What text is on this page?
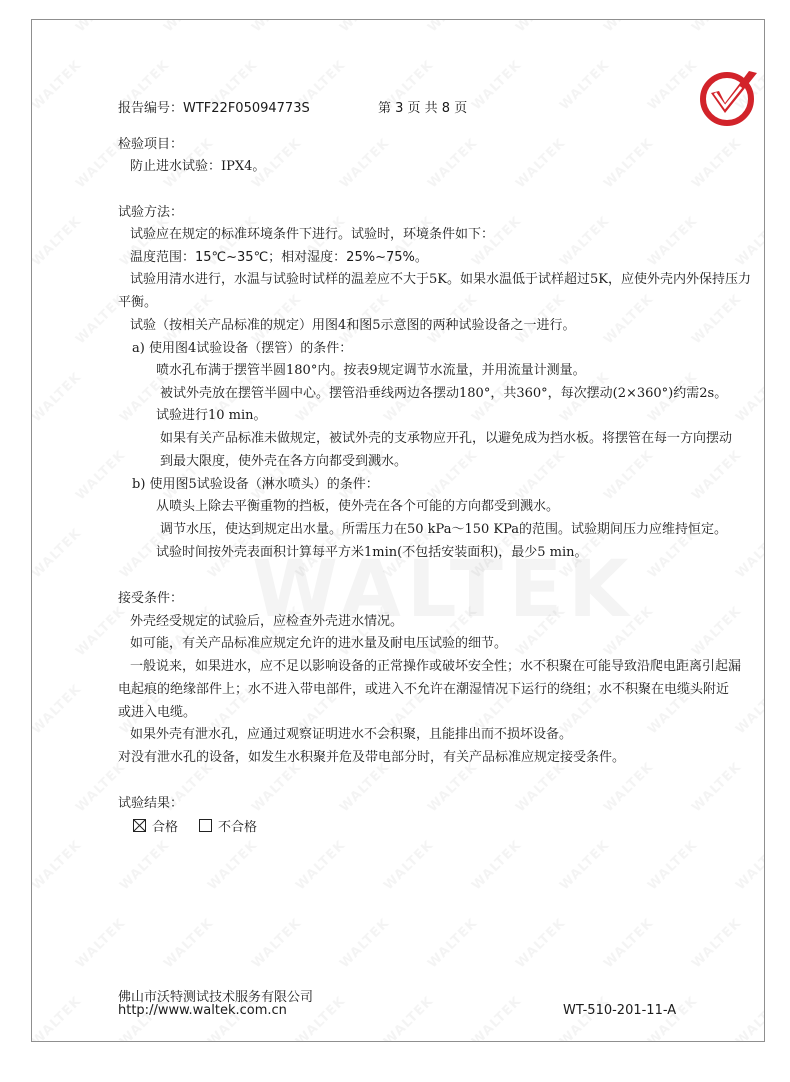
报告编号：WTF22F05094773S	第 3 页 共 8 页
检验项目：
防止进水试验：IPX4。
试验方法：
试验应在规定的标准环境条件下进行。试验时，环境条件如下：
温度范围：15℃~35℃；相对湿度：25%~75%。
试验用清水进行，水温与试验时试样的温差应不大于5K。如果水温低于试样超过5K，应使外壳内外保持压力
平衡。
试验（按相关产品标准的规定）用图4和图5示意图的两种试验设备之一进行。
a) 使用图4试验设备（摆管）的条件：
喷水孔布满于摆管半圆180°内。按表9规定调节水流量，并用流量计测量。
被试外壳放在摆管半圆中心。摆管沿垂线两边各摆动180°，共360°，每次摆动(2×360°)约需2s。
试验进行10 min。
如果有关产品标准未做规定，被试外壳的支承物应开孔，以避免成为挡水板。将摆管在每一方向摆动
到最大限度，使外壳在各方向都受到溅水。
b) 使用图5试验设备（淋水喷头）的条件：
从喷头上除去平衡重物的挡板，使外壳在各个可能的方向都受到溅水。
调节水压，使达到规定出水量。所需压力在50 kPa～150 KPa的范围。试验期间压力应维持恒定。
试验时间按外壳表面积计算每平方米1min(不包括安装面积)，最少5 min。
接受条件：
外壳经受规定的试验后，应检查外壳进水情况。
如可能，有关产品标准应规定允许的进水量及耐电压试验的细节。
一般说来，如果进水，应不足以影响设备的正常操作或破坏安全性；水不积聚在可能导致沿爬电距离引起漏
电起痕的绝缘部件上；水不进入带电部件，或进入不允许在潮湿情况下运行的绕组；水不积聚在电缆头附近
或进入电缆。
如果外壳有泄水孔，应通过观察证明进水不会积聚，且能排出而不损坏设备。
对没有泄水孔的设备，如发生水积聚并危及带电部分时，有关产品标准应规定接受条件。
试验结果：
合格	不合格
佛山市沃特测试技术服务有限公司
http://www.waltek.com.cn	WT-510-201-11-A
